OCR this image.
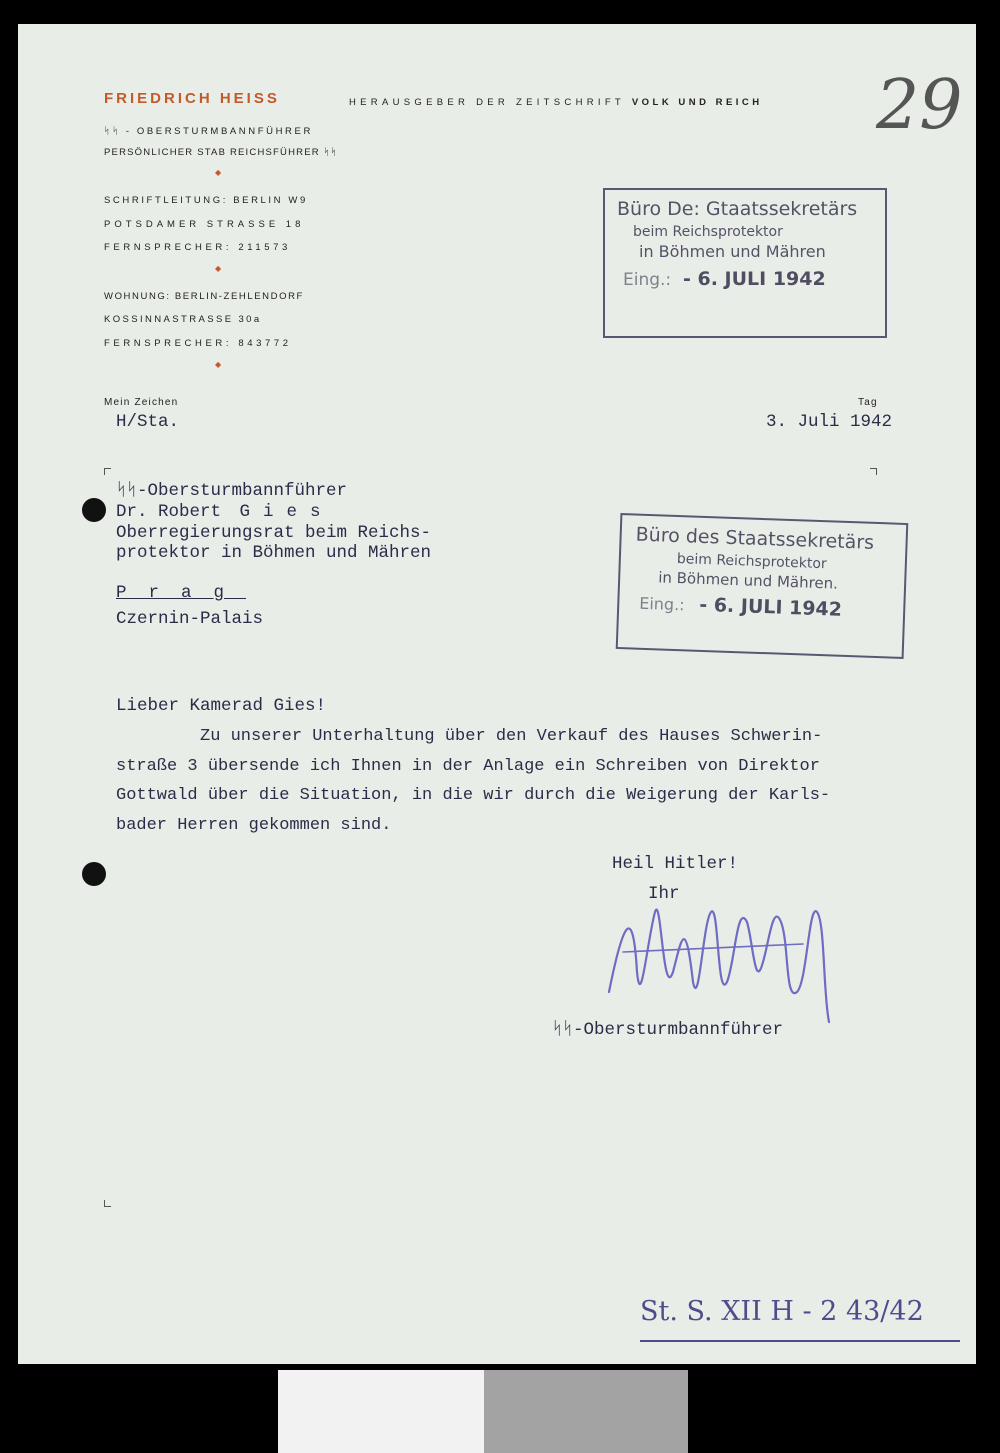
FRIEDRICH HEISS	HERAUSGEBER DER ZEITSCHRIFT VOLK UND REICH
ᛋᛋ - OBERSTURMBANNFÜHRER
PERSÖNLICHER STAB REICHSFÜHRER ᛋᛋ
◆
SCHRIFTLEITUNG: BERLIN W9
POTSDAMER STRASSE 18
FERNSPRECHER: 211573
◆
WOHNUNG: BERLIN-ZEHLENDORF
KOSSINNASTRASSE 30a
FERNSPRECHER: 843772
◆
Mein Zeichen	Tag
29
H/Sta.	3. Juli 1942
ᛋᛋ-Obersturmbannführer
Dr. Robert Gies
Oberregierungsrat beim Reichs-
protektor in Böhmen und Mähren
Prag
Czernin-Palais
Büro De: Gtaatssekretärs
beim Reichsprotektor
in Böhmen und Mähren
Eing.: - 6. JULI 1942
Büro des Staatssekretärs
beim Reichsprotektor
in Böhmen und Mähren.
Eing.: - 6. JULI 1942
Lieber Kamerad Gies!
Zu unserer Unterhaltung über den Verkauf des Hauses Schwerin-
straße 3 übersende ich Ihnen in der Anlage ein Schreiben von Direktor
Gottwald über die Situation, in die wir durch die Weigerung der Karls-
bader Herren gekommen sind.
Heil Hitler!
Ihr
ᛋᛋ-Obersturmbannführer
St. S. XII H - 2 43/42
